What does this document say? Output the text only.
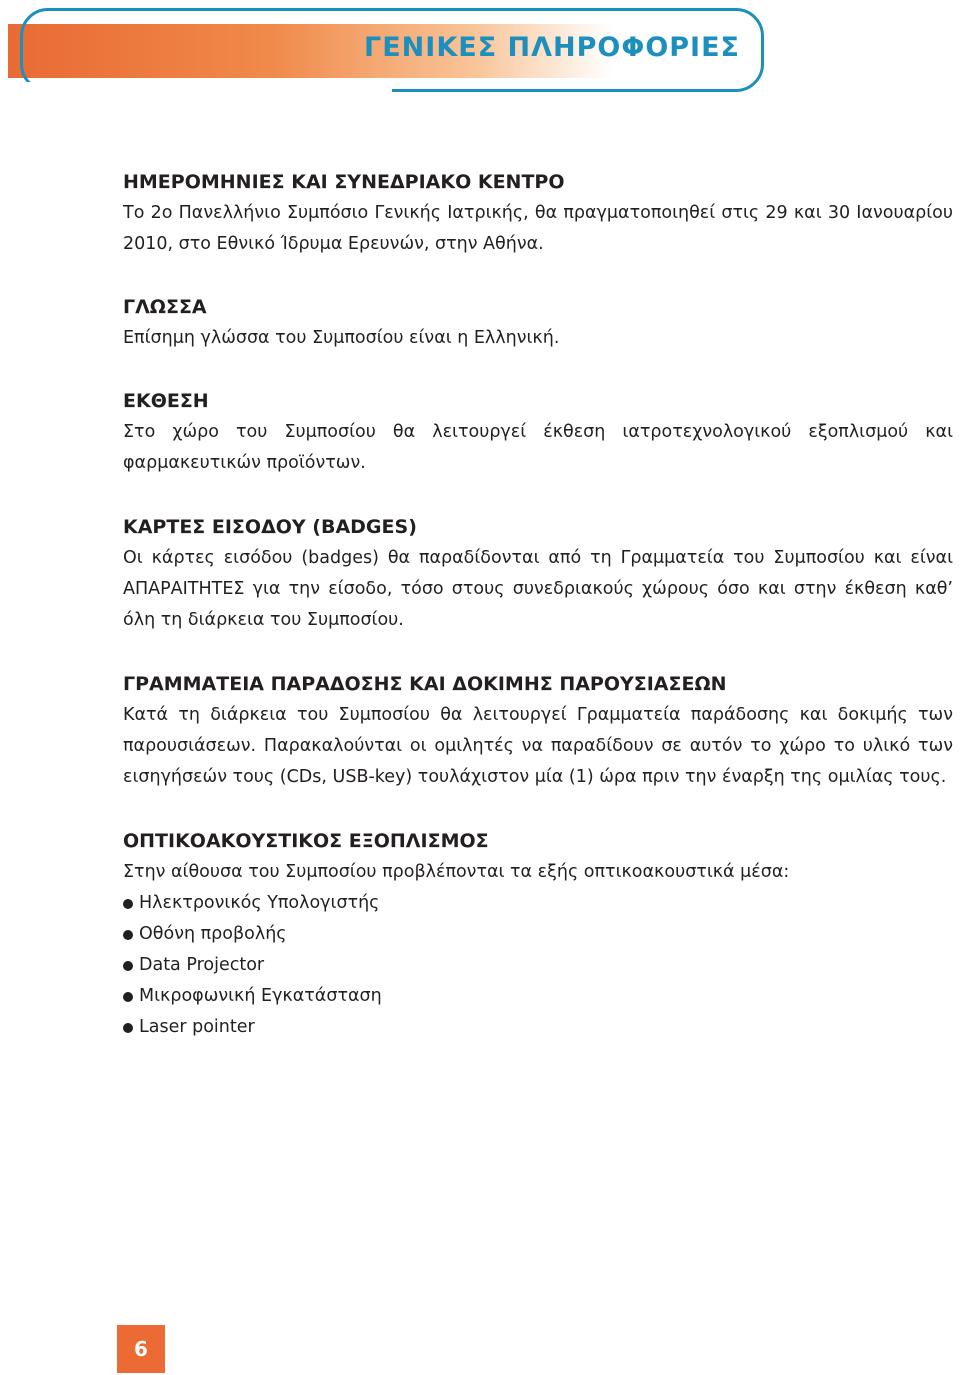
ΓΕΝΙΚΕΣ ΠΛΗΡΟΦΟΡΙΕΣ
ΗΜΕΡΟΜΗΝΙΕΣ ΚΑΙ ΣΥΝΕΔΡΙΑΚΟ ΚΕΝΤΡΟ

Το 2ο Πανελλήνιο Συμπόσιο Γενικής Ιατρικής, θα πραγματοποιηθεί στις 29 και 30 Ιανουαρίου 2010, στο Εθνικό Ίδρυμα Ερευνών, στην Αθήνα.

ΓΛΩΣΣΑ

Επίσημη γλώσσα του Συμποσίου είναι η Ελληνική.

ΕΚΘΕΣΗ

Στο χώρο του Συμποσίου θα λειτουργεί έκθεση ιατροτεχνολογικού εξοπλισμού και φαρμακευτικών προϊόντων.

ΚΑΡΤΕΣ ΕΙΣΟΔΟΥ (BADGES)

Οι κάρτες εισόδου (badges) θα παραδίδονται από τη Γραμματεία του Συμποσίου και είναι ΑΠΑΡΑΙΤΗΤΕΣ για την είσοδο, τόσο στους συνεδριακούς χώρους όσο και στην έκθεση καθ’ όλη τη διάρκεια του Συμποσίου.

ΓΡΑΜΜΑΤΕΙΑ ΠΑΡΑΔΟΣΗΣ ΚΑΙ ΔΟΚΙΜΗΣ ΠΑΡΟΥΣΙΑΣΕΩΝ

Κατά τη διάρκεια του Συμποσίου θα λειτουργεί Γραμματεία παράδοσης και δοκιμής των παρουσιάσεων. Παρακαλούνται οι ομιλητές να παραδίδουν σε αυτόν το χώρο το υλικό των εισηγήσεών τους (CDs, USB-key) τουλάχιστον μία (1) ώρα πριν την έναρξη της ομιλίας τους.

ΟΠΤΙΚΟΑΚΟΥΣΤΙΚΟΣ ΕΞΟΠΛΙΣΜΟΣ

Στην αίθουσα του Συμποσίου προβλέπονται τα εξής οπτικοακουστικά μέσα:

Ηλεκτρονικός Υπολογιστής
Οθόνη προβολής
Data Projector
Μικροφωνική Εγκατάσταση
Laser pointer
6
